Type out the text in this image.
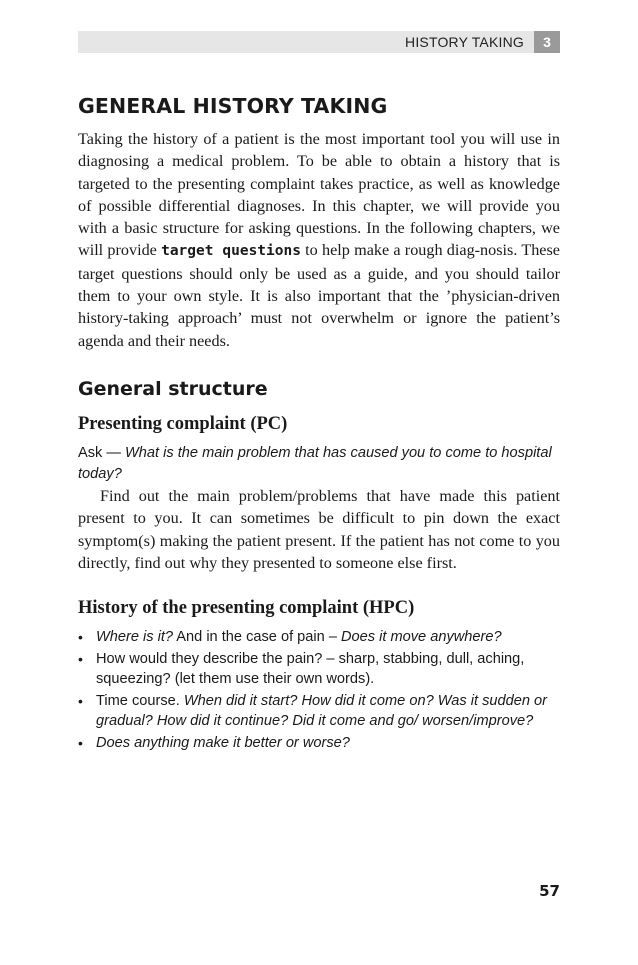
HISTORY TAKING	3
GENERAL HISTORY TAKING

Taking the history of a patient is the most important tool you will use in diagnosing a medical problem. To be able to obtain a history that is targeted to the presenting complaint takes practice, as well as knowledge of possible differential diagnoses. In this chapter, we will provide you with a basic structure for asking questions. In the following chapters, we will provide target questions to help make a rough diag-nosis. These target questions should only be used as a guide, and you should tailor them to your own style. It is also important that the ’physician-driven history-taking approach’ must not overwhelm or ignore the patient’s agenda and their needs.

General structure
Presenting complaint (PC)

Ask — What is the main problem that has caused you to come to hospital today?

Find out the main problem/problems that have made this patient present to you. It can sometimes be difficult to pin down the exact symptom(s) making the patient present. If the patient has not come to you directly, find out why they presented to someone else first.

History of the presenting complaint (HPC)
• Where is it? And in the case of pain – Does it move anywhere?
• How would they describe the pain? – sharp, stabbing, dull, aching, squeezing? (let them use their own words).
• Time course. When did it start? How did it come on? Was it sudden or gradual? How did it continue? Did it come and go/ worsen/improve?
• Does anything make it better or worse?
57
